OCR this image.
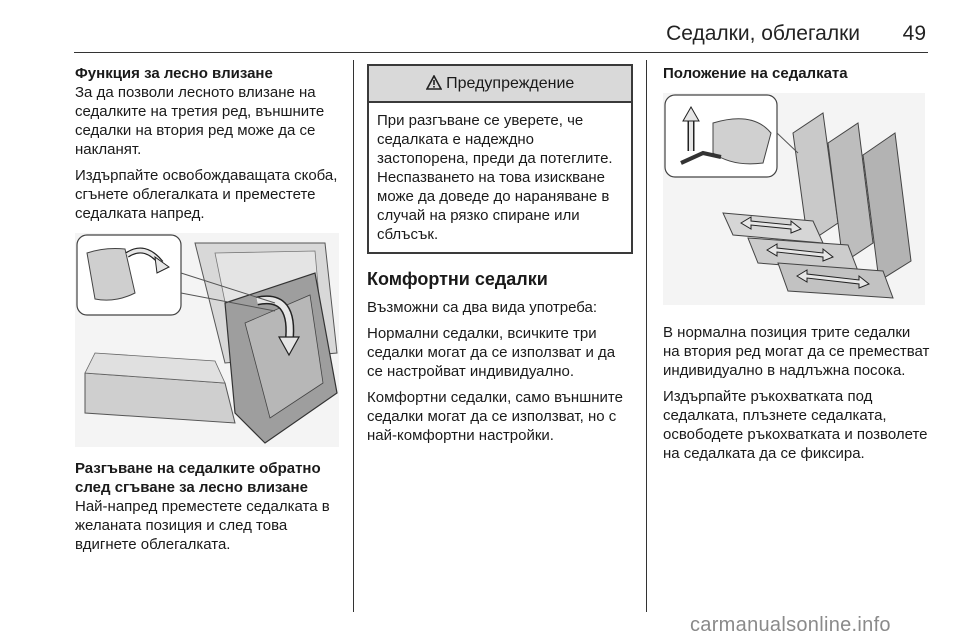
Седалки, облегалки	49
Функция за лесно влизане

За да позволи лесното влизане на седалките на третия ред, външните седалки на втория ред може да се накланят.

Издърпайте освобождаващата скоба, сгънете облегалката и преместете седалката напред.

Разгъване на седалките обратно
след сгъване за лесно влизане

Най-напред преместете седалката в желаната позиция и след това вдигнете облегалката.

Предупреждение
При разгъване се уверете, че седалката е надеждно застопорена, преди да потеглите. Неспазването на това изискване може да доведе до нараняване в случай на рязко спиране или сблъсък.
Комфортни седалки

Възможни са два вида употреба:

Нормални седалки, всичките три седалки могат да се използват и да се настройват индивидуално.

Комфортни седалки, само външните седалки могат да се използват, но с най-комфортни настройки.

Положение на седалката

В нормална позиция трите седалки на втория ред могат да се преместват индивидуално в надлъжна посока.

Издърпайте ръкохватката под седалката, плъзнете седалката, освободете ръкохватката и позволете на седалката да се фиксира.

carmanualsonline.info
